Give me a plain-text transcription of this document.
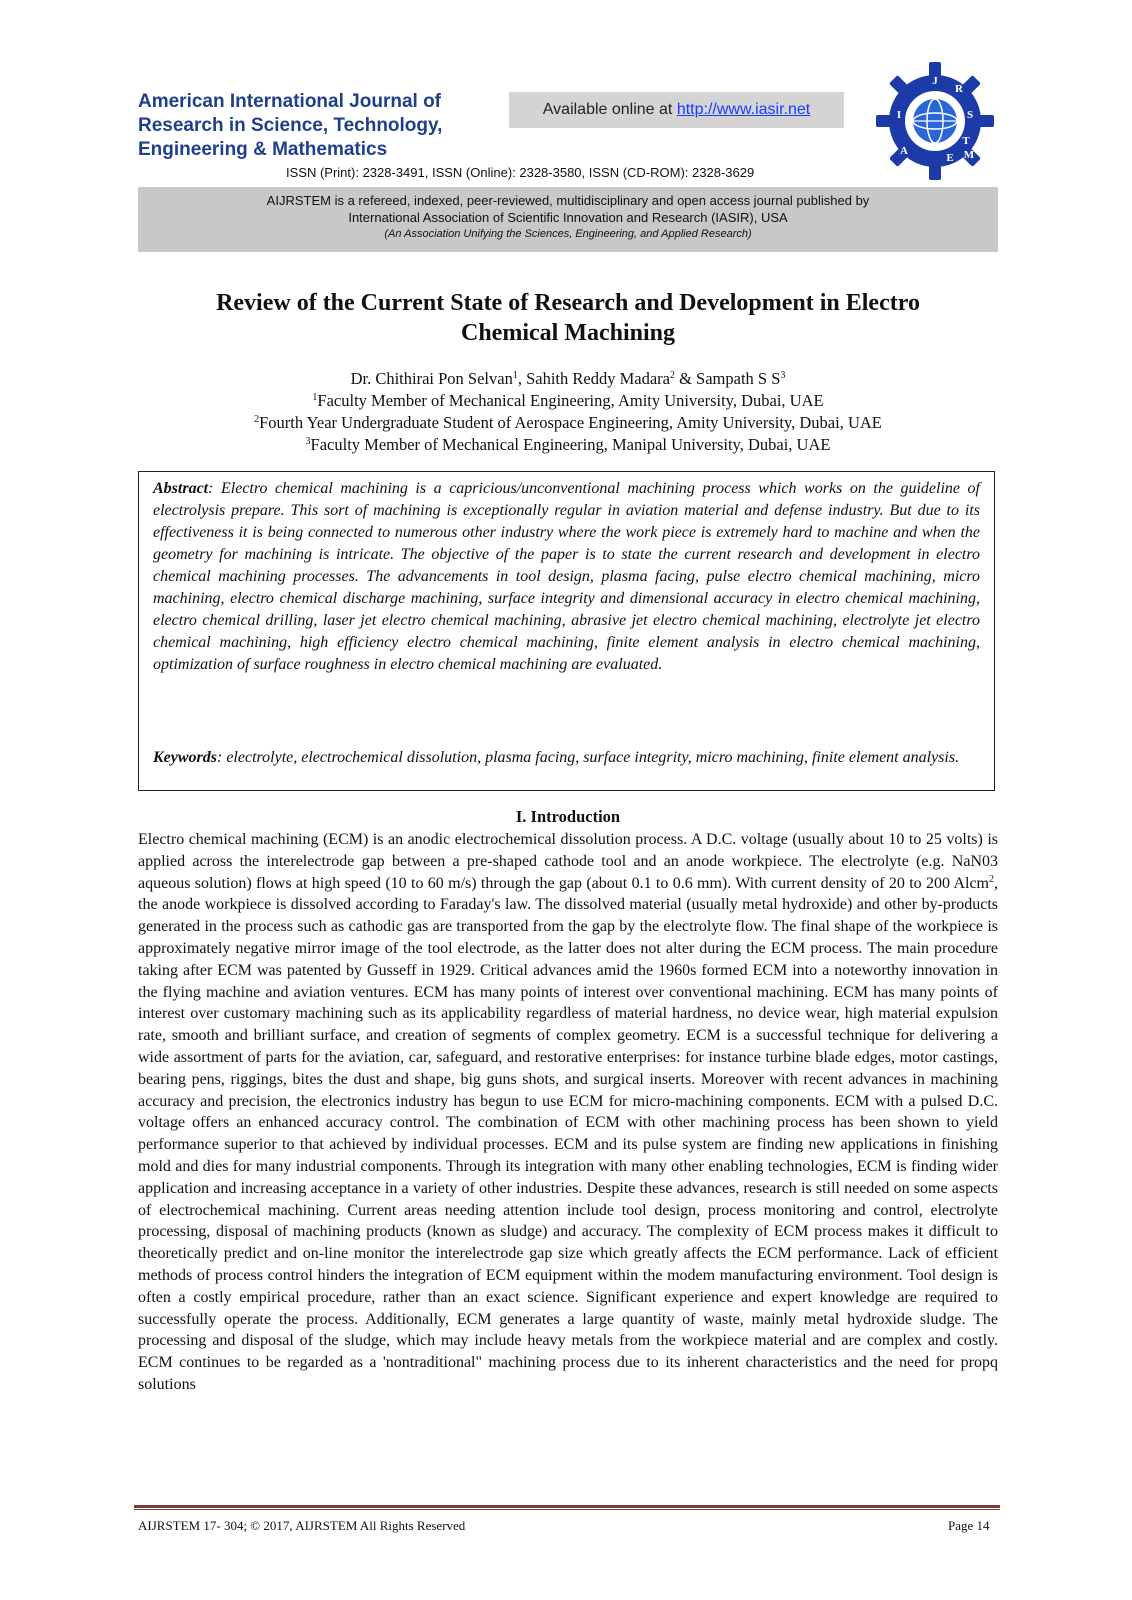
American International Journal of Research in Science, Technology, Engineering & Mathematics
Available online at http://www.iasir.net
ISSN (Print): 2328-3491, ISSN (Online): 2328-3580, ISSN (CD-ROM): 2328-3629
J
R
S
T
E
A
I
M
AIJRSTEM is a refereed, indexed, peer-reviewed, multidisciplinary and open access journal published by
International Association of Scientific Innovation and Research (IASIR), USA
(An Association Unifying the Sciences, Engineering, and Applied Research)
Review of the Current State of Research and Development in Electro
Chemical Machining
Dr. Chithirai Pon Selvan$^1$, Sahith Reddy Madara$^2$ & Sampath S $S^3$
$^1$Faculty Member of Mechanical Engineering, Amity University, Dubai, UAE
$^2$Fourth Year Undergraduate Student of Aerospace Engineering, Amity University, Dubai, UAE
$^3$Faculty Member of Mechanical Engineering, Manipal University, Dubai, UAE

Abstract: Electro chemical machining is a capricious/unconventional machining process which works on the guideline of electrolysis prepare. This sort of machining is exceptionally regular in aviation material and defense industry. But due to its effectiveness it is being connected to numerous other industry where the work piece is extremely hard to machine and when the geometry for machining is intricate. The objective of the paper is to state the current research and development in electro chemical machining processes. The advancements in tool design, plasma facing, pulse electro chemical machining, micro machining, electro chemical discharge machining, surface integrity and dimensional accuracy in electro chemical machining, electro chemical drilling, laser jet electro chemical machining, abrasive jet electro chemical machining, electrolyte jet electro chemical machining, high efficiency electro chemical machining, finite element analysis in electro chemical machining, optimization of surface roughness in electro chemical machining are evaluated.

Keywords: electrolyte, electrochemical dissolution, plasma facing, surface integrity, micro machining, finite element analysis.

I. Introduction

Electro chemical machining (ECM) is an anodic electrochemical dissolution process. A D.C. voltage (usually about 10 to 25 volts) is applied across the interelectrode gap between a pre-shaped cathode tool and an anode workpiece. The electrolyte (e.g. NaN03 aqueous solution) flows at high speed (10 to 60 m/s) through the gap (about 0.1 to 0.6 mm). With current density of 20 to 200 Alcm$^2$, the anode workpiece is dissolved according to Faraday's law. The dissolved material (usually metal hydroxide) and other by-products generated in the process such as cathodic gas are transported from the gap by the electrolyte flow. The final shape of the workpiece is approximately negative mirror image of the tool electrode, as the latter does not alter during the ECM process. The main procedure taking after ECM was patented by Gusseff in 1929. Critical advances amid the 1960s formed ECM into a noteworthy innovation in the flying machine and aviation ventures. ECM has many points of interest over conventional machining. ECM has many points of interest over customary machining such as its applicability regardless of material hardness, no device wear, high material expulsion rate, smooth and brilliant surface, and creation of segments of complex geometry. ECM is a successful technique for delivering a wide assortment of parts for the aviation, car, safeguard, and restorative enterprises: for instance turbine blade edges, motor castings, bearing pens, riggings, bites the dust and shape, big guns shots, and surgical inserts. Moreover with recent advances in machining accuracy and precision, the electronics industry has begun to use ECM for micro-machining components. ECM with a pulsed D.C. voltage offers an enhanced accuracy control. The combination of ECM with other machining process has been shown to yield performance superior to that achieved by individual processes. ECM and its pulse system are finding new applications in finishing mold and dies for many industrial components. Through its integration with many other enabling technologies, ECM is finding wider application and increasing acceptance in a variety of other industries. Despite these advances, research is still needed on some aspects of electrochemical machining. Current areas needing attention include tool design, process monitoring and control, electrolyte processing, disposal of machining products (known as sludge) and accuracy. The complexity of ECM process makes it difficult to theoretically predict and on-line monitor the interelectrode gap size which greatly affects the ECM performance. Lack of efficient methods of process control hinders the integration of ECM equipment within the modem manufacturing environment. Tool design is often a costly empirical procedure, rather than an exact science. Significant experience and expert knowledge are required to successfully operate the process. Additionally, ECM generates a large quantity of waste, mainly metal hydroxide sludge. The processing and disposal of the sludge, which may include heavy metals from the workpiece material and are complex and costly. ECM continues to be regarded as a 'nontraditional" machining process due to its inherent characteristics and the need for propq solutions

AIJRSTEM 17- 304; © 2017, AIJRSTEM All Rights Reserved	Page 14
